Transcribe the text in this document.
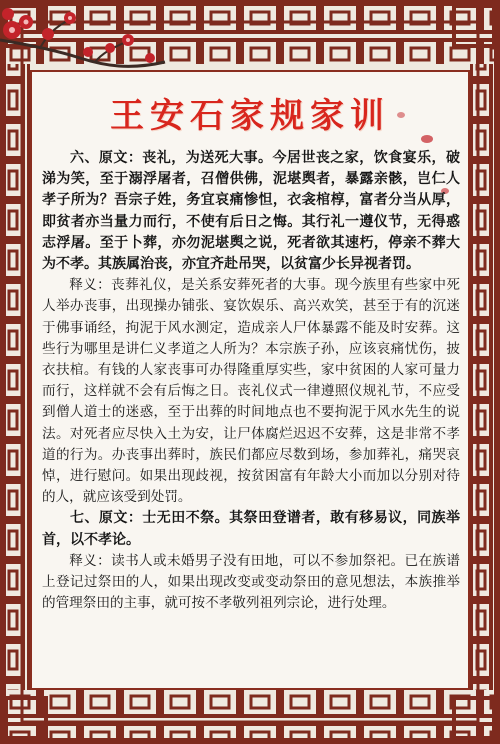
王安石家规家训

六、原文：丧礼，为送死大事。今居世丧之家，饮食宴乐，破涕为笑，至于溺浮屠者，召僧供佛，泥堪舆者，暴露亲骸，岂仁人孝子所为？吾宗子姓，务宜哀痛惨怛，衣衾棺椁，富者分当从厚，即贫者亦当量力而行，不使有后日之悔。其行礼一遵仪节，无得惑志浮屠。至于卜葬，亦勿泥堪舆之说，死者欲其速朽，停亲不葬大为不孝。其族属治丧，亦宜齐赴吊哭，以贫富少长异视者罚。

释义：丧葬礼仪，是关系安葬死者的大事。现今族里有些家中死人举办丧事，出现操办铺张、宴饮娱乐、高兴欢笑，甚至于有的沉迷于佛事诵经，拘泥于风水测定，造成亲人尸体暴露不能及时安葬。这些行为哪里是讲仁义孝道之人所为？本宗族子孙，应该哀痛忧伤，披衣扶棺。有钱的人家丧事可办得隆重厚实些，家中贫困的人家可量力而行，这样就不会有后悔之日。丧礼仪式一律遵照仪规礼节，不应受到僧人道士的迷惑，至于出葬的时间地点也不要拘泥于风水先生的说法。对死者应尽快入土为安，让尸体腐烂迟迟不安葬，这是非常不孝道的行为。办丧事出葬时，族民们都应尽数到场，参加葬礼，痛哭哀悼，进行慰问。如果出现歧视，按贫困富有年龄大小而加以分别对待的人，就应该受到处罚。

七、原文：士无田不祭。其祭田登谱者，敢有移易议，同族举首，以不孝论。

释义：读书人或未婚男子没有田地，可以不参加祭祀。已在族谱上登记过祭田的人，如果出现改变或变动祭田的意见想法，本族推举的管理祭田的主事，就可按不孝敬列祖列宗论，进行处理。
